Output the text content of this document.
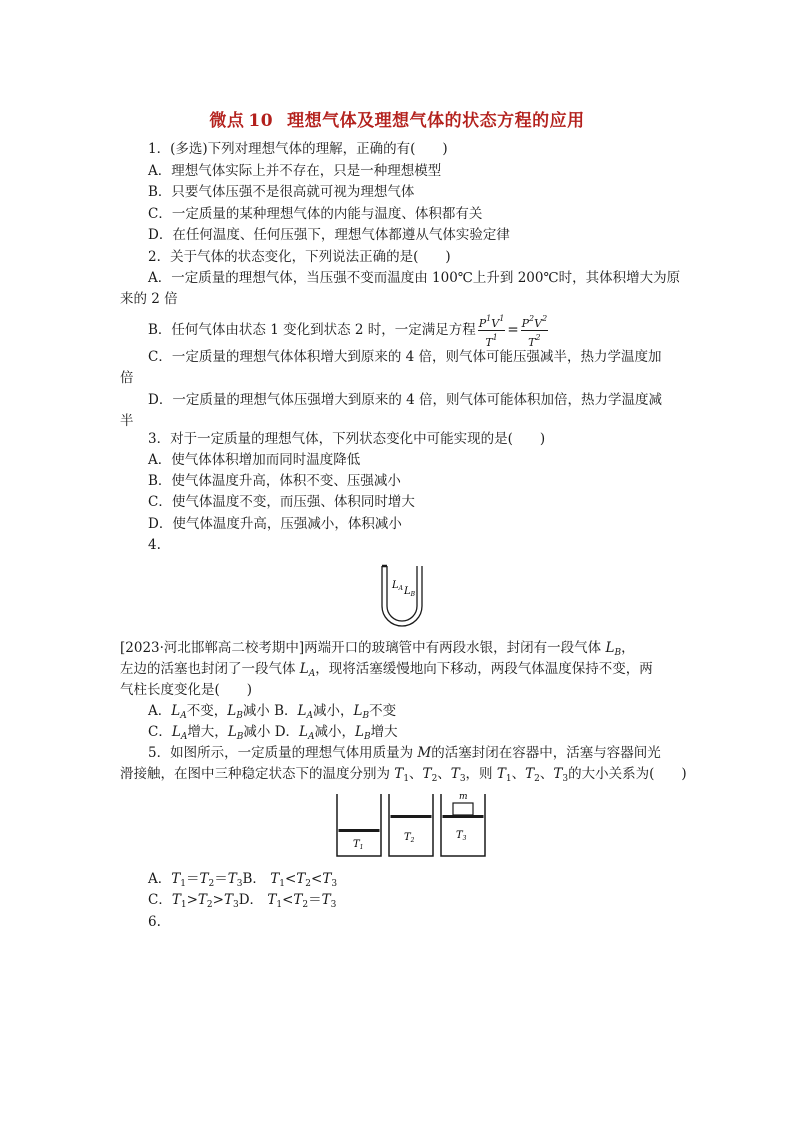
微点 10 理想气体及理想气体的状态方程的应用
1．(多选)下列对理想气体的理解，正确的有(　　)
A．理想气体实际上并不存在，只是一种理想模型
B．只要气体压强不是很高就可视为理想气体
C．一定质量的某种理想气体的内能与温度、体积都有关
D．在任何温度、任何压强下，理想气体都遵从气体实验定律
2．关于气体的状态变化，下列说法正确的是(　　)
A．一定质量的理想气体，当压强不变而温度由 100℃上升到 200℃时，其体积增大为原
来的 2 倍
B．任何气体由状态 1 变化到状态 2 时，一定满足方程 $\frac{P^1V^1}{T^1} = \frac{P^2V^2}{T^2}$
C．一定质量的理想气体体积增大到原来的 4 倍，则气体可能压强减半，热力学温度加
倍
D．一定质量的理想气体压强增大到原来的 4 倍，则气体可能体积加倍，热力学温度减
半
3．对于一定质量的理想气体，下列状态变化中可能实现的是(　　)
A．使气体体积增加而同时温度降低
B．使气体温度升高，体积不变、压强减小
C．使气体温度不变，而压强、体积同时增大
D．使气体温度升高，压强减小，体积减小
4.
$L_A$ $L_B$
[2023·河北邯郸高二校考期中]两端开口的玻璃管中有两段水银，封闭有一段气体 $L_B$，
左边的活塞也封闭了一段气体 $L_A$，现将活塞缓慢地向下移动，两段气体温度保持不变，两
气柱长度变化是(　　)
A．$L_A$不变，$L_B$减小 B．$L_A$减小，$L_B$不变
C．$L_A$增大，$L_B$减小 D．$L_A$减小，$L_B$增大
5．如图所示，一定质量的理想气体用质量为 M的活塞封闭在容器中，活塞与容器间光
滑接触，在图中三种稳定状态下的温度分别为 $T_1$、$T_2$、$T_3$，则 $T_1$、$T_2$、$T_3$的大小关系为(　　)
$T_1$
$T_2$
m
$T_3$
A．$T_1=T_2=T_3B$． $T_1<T_2<T_3$
C．$T_1>T_2>T_3D$． $T_1<T_2=T_3$
6.
